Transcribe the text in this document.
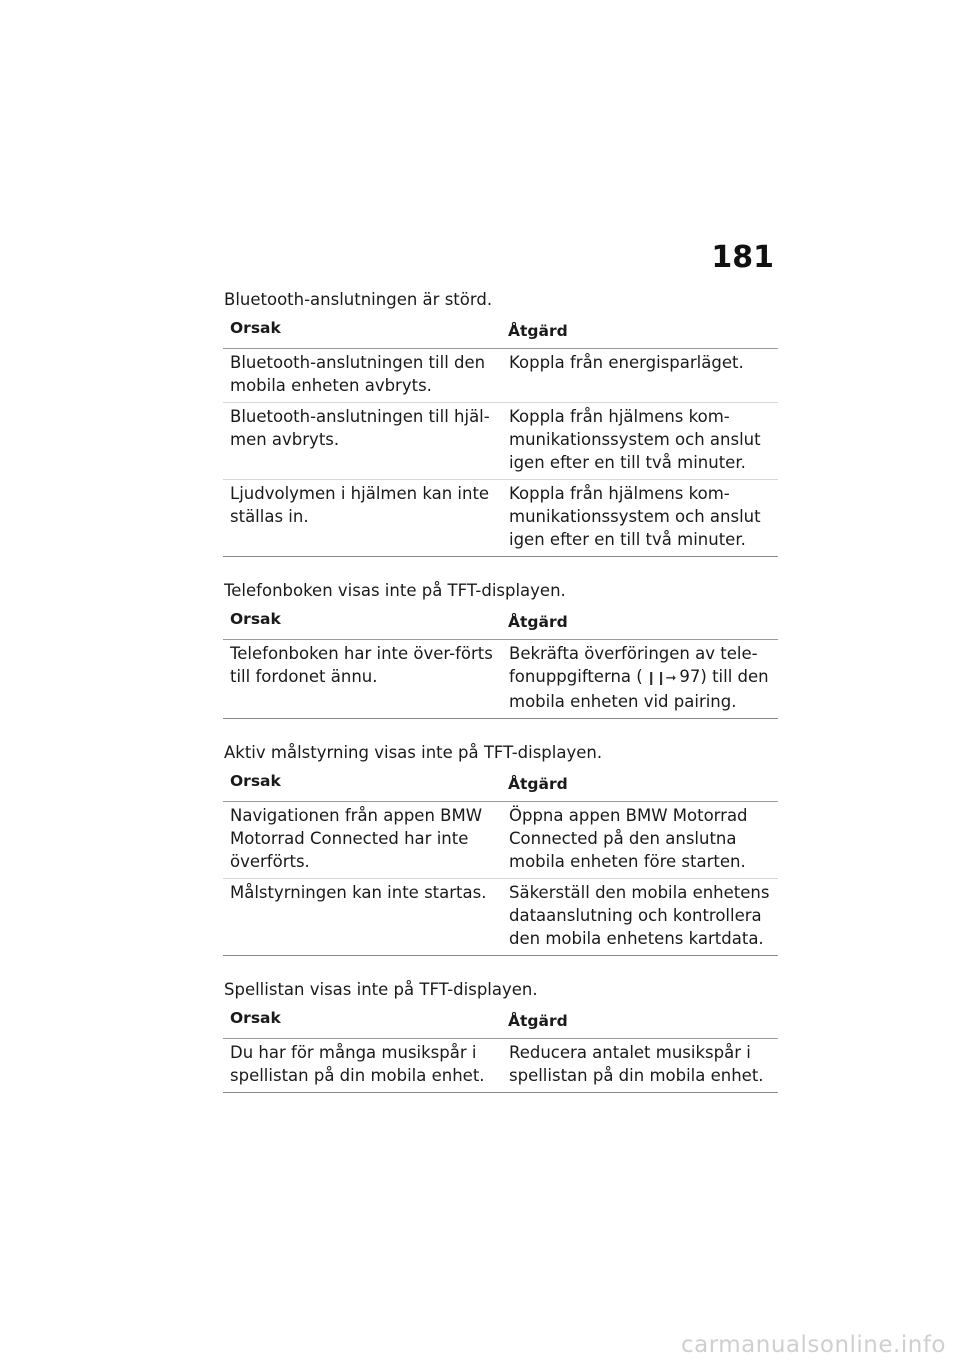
181
Bluetooth-anslutningen är störd.
Orsak	Åtgärd
Bluetooth-anslutningen till den mobila enheten avbryts.	Koppla från energisparläget.
Bluetooth-anslutningen till hjäl-men avbryts.	Koppla från hjälmens kom-munikationssystem och anslut igen efter en till två minuter.
Ljudvolymen i hjälmen kan inte ställas in.	Koppla från hjälmens kom-munikationssystem och anslut igen efter en till två minuter.
Telefonboken visas inte på TFT-displayen.
Orsak	Åtgärd
Telefonboken har inte över-förts till fordonet ännu.	Bekräfta överföringen av tele-fonuppgifterna ( ❙❙➞ 97) till den mobila enheten vid pairing.
Aktiv målstyrning visas inte på TFT-displayen.
Orsak	Åtgärd
Navigationen från appen BMW Motorrad Connected har inte överförts.	Öppna appen BMW Motorrad Connected på den anslutna mobila enheten före starten.
Målstyrningen kan inte startas.	Säkerställ den mobila enhetens dataanslutning och kontrollera den mobila enhetens kartdata.
Spellistan visas inte på TFT-displayen.
Orsak	Åtgärd
Du har för många musikspår i spellistan på din mobila enhet.	Reducera antalet musikspår i spellistan på din mobila enhet.
carmanualsonline.info
